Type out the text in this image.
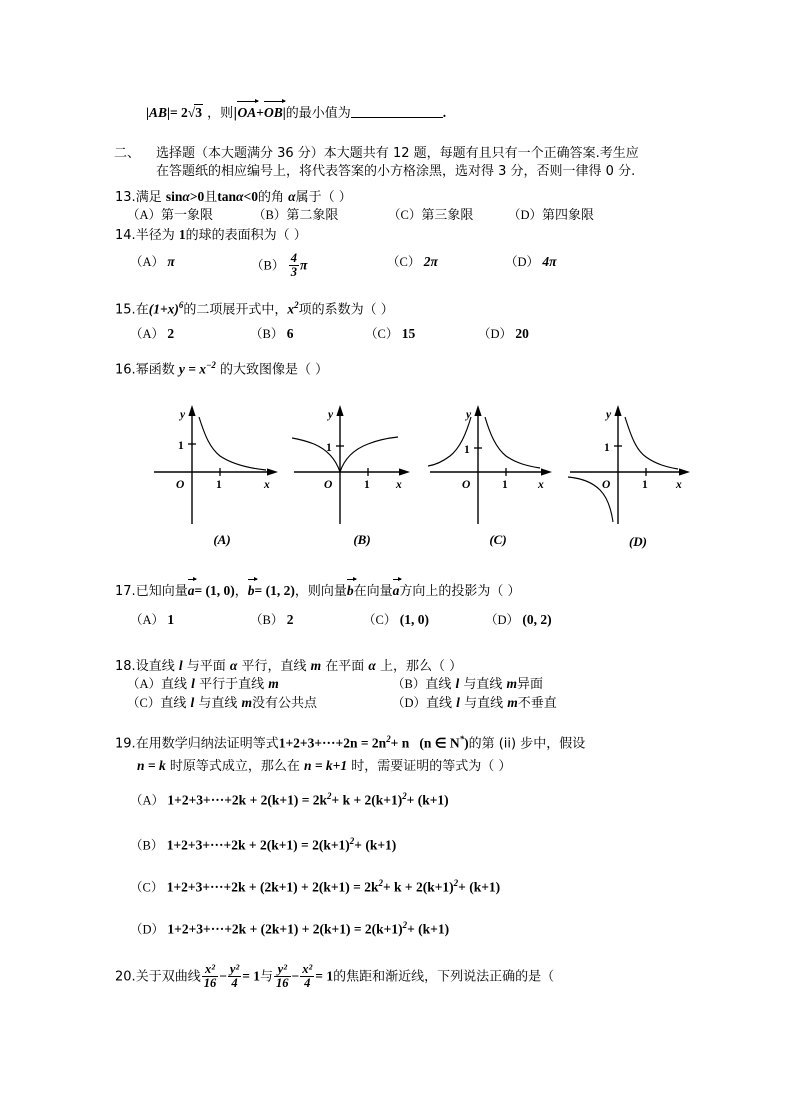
|AB|= 2√3 ，则|OA+OB|的最小值为	.
二、 选择题（本大题满分 36 分）本大题共有 12 题，每题有且只有一个正确答案.考生应
在答题纸的相应编号上，将代表答案的小方格涂黑，选对得 3 分，否则一律得 0 分.
13.满足 sinα>0且tanα<0的角 α属于（ ）
（A）第一象限	（B）第二象限	（C）第三象限	（D）第四象限
14.半径为 1的球的表面积为（ ）
（A） π	$(B) \frac{4}{3}$ π	（C） 2π	（D） 4π
15.在$(1+x)^6$的二项展开式中，$x^2$项的系数为（ ）
（A） 2	（B） 6	（C） 15	（D） 20
16.幂函数 $y = x^{-2}$ 的大致图像是（ ）
y
x
1
O	1
(A)
y
x
1
O	1
(B)
y
x
1
O	1
(C)
y
x
1
O	1
(D)
17.已知向量a= (1, 0)，b= (1, 2)，则向量b在向量a方向上的投影为（ ）
（A） 1	（B） 2	（C） (1, 0)	（D） (0, 2)
18.设直线 l 与平面 α 平行，直线 m 在平面 α 上，那么（ ）
（A）直线 l 平行于直线 m	（B）直线 l 与直线 m异面
（C）直线 l 与直线 m没有公共点	（D）直线 l 与直线 m不垂直
19.在用数学归纳法证明等式$1+2+3+\cdot\cdot\cdot+2n = 2n^2+ n$ (n ∈ N*)的第 (ii) 步中，假设
n = k 时原等式成立，那么在 n = k+1 时，需要证明的等式为（ ）
（A） $1+2+3+\cdot\cdot\cdot+2k + 2(k+1) = 2k^2+ k + 2(k+1)^2+ (k+1)$
（B） $1+2+3+\cdot\cdot\cdot+2k + 2(k+1) = 2(k+1)^2+ (k+1)$
（C） $1+2+3+\cdot\cdot\cdot+2k + (2k+1) + 2(k+1) = 2k^2+ k + 2(k+1)^2+ (k+1)$
（D） $1+2+3+\cdot\cdot\cdot+2k + (2k+1) + 2(k+1) = 2(k+1)^2+ (k+1)$
20.关于双曲线 $\frac{\text{x²}}{16} - \frac{\text{y²}}{4} = 1$与 $\frac{\text{y²}}{16} - \frac{\text{x²}}{4} = 1$的焦距和渐近线，下列说法正确的是（
